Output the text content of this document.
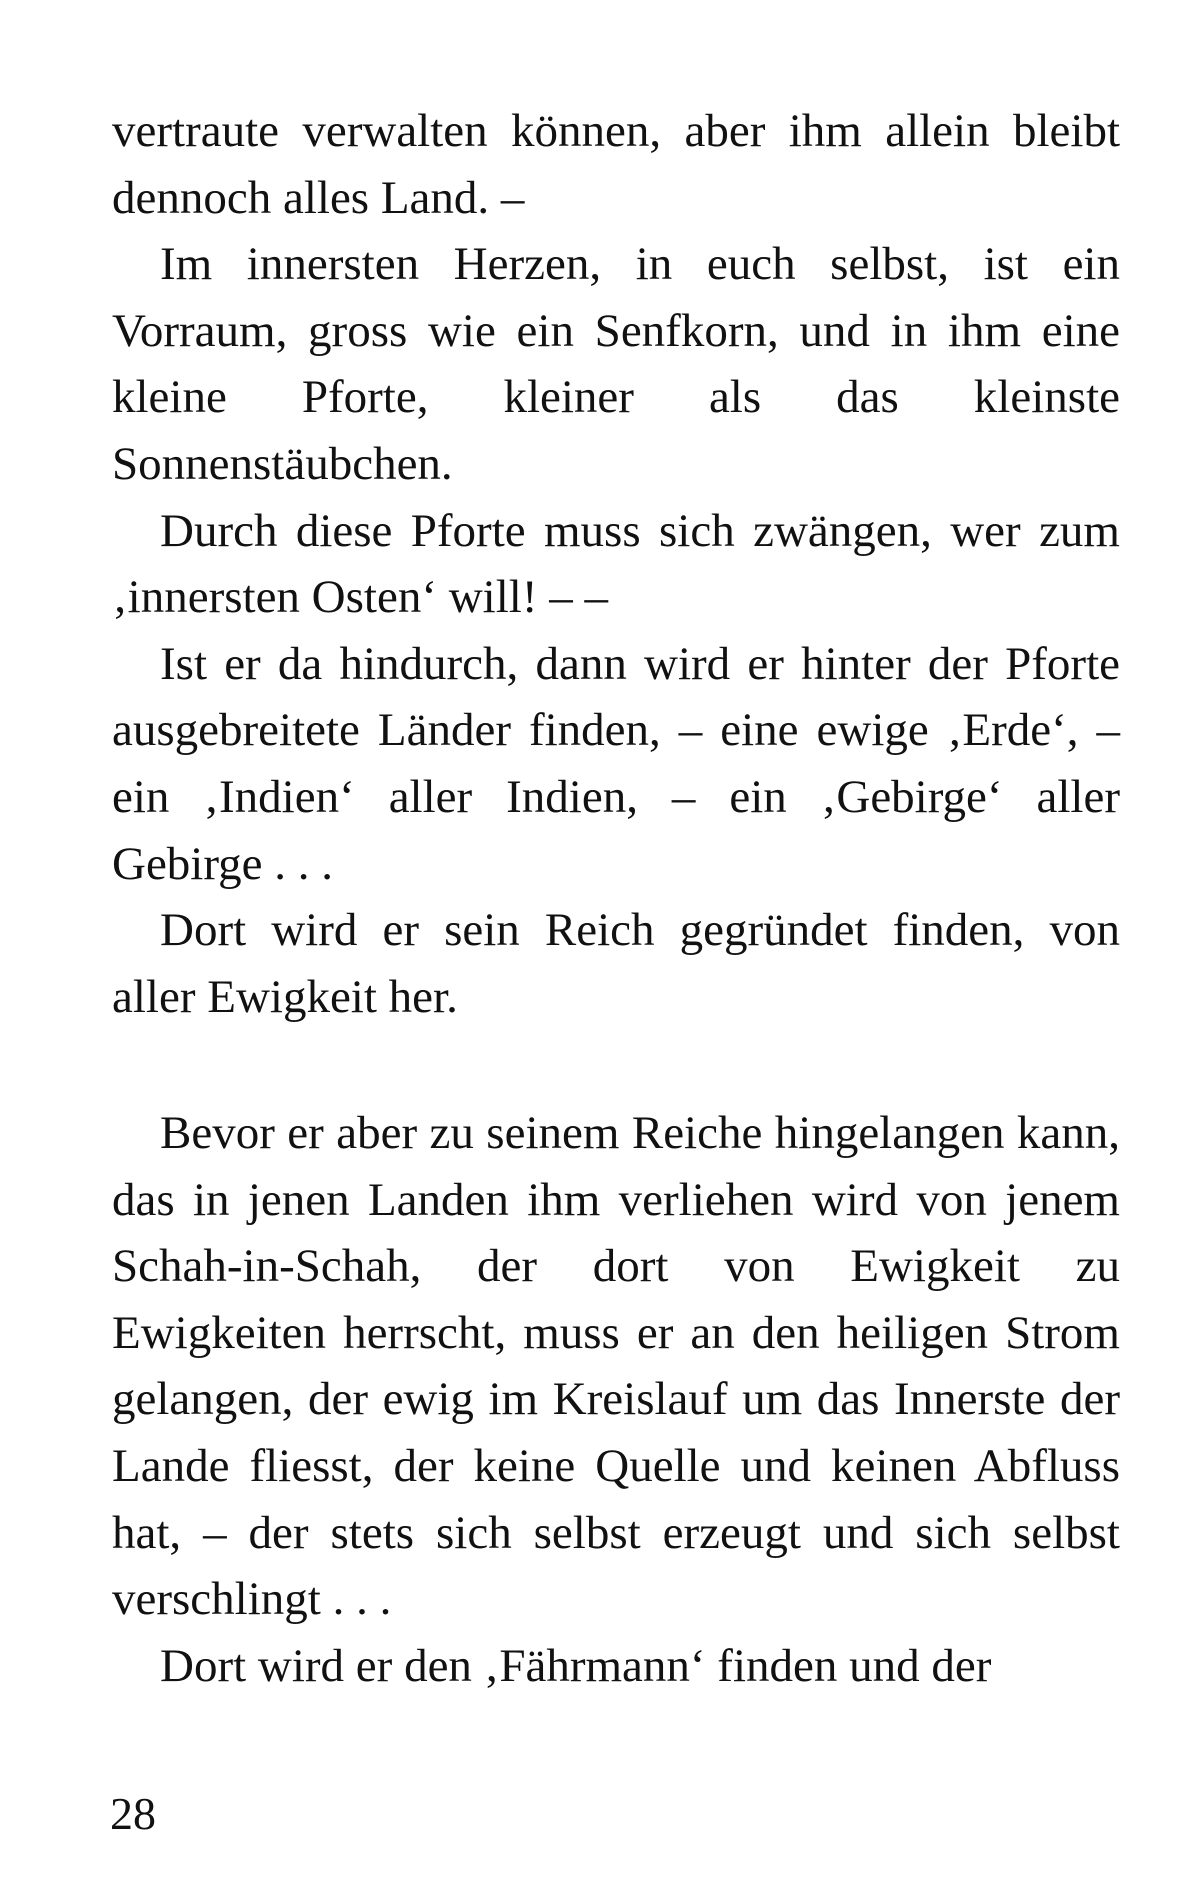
vertraute verwalten können, aber ihm allein bleibt dennoch alles Land. –

Im innersten Herzen, in euch selbst, ist ein Vorraum, gross wie ein Senfkorn, und in ihm eine kleine Pforte, kleiner als das kleinste Sonnenstäubchen.

Durch diese Pforte muss sich zwängen, wer zum ‚innersten Osten‘ will! – –

Ist er da hindurch, dann wird er hinter der Pforte ausgebreitete Länder finden, – eine ewige ‚Erde‘, – ein ‚Indien‘ aller Indien, – ein ‚Gebirge‘ aller Gebirge . . .

Dort wird er sein Reich gegründet finden, von aller Ewigkeit her.

Bevor er aber zu seinem Reiche hingelangen kann, das in jenen Landen ihm verliehen wird von jenem Schah-in-Schah, der dort von Ewigkeit zu Ewigkeiten herrscht, muss er an den heiligen Strom gelangen, der ewig im Kreislauf um das Innerste der Lande fliesst, der keine Quelle und keinen Abfluss hat, – der stets sich selbst erzeugt und sich selbst verschlingt . . .

Dort wird er den ‚Fährmann‘ finden und der

28
